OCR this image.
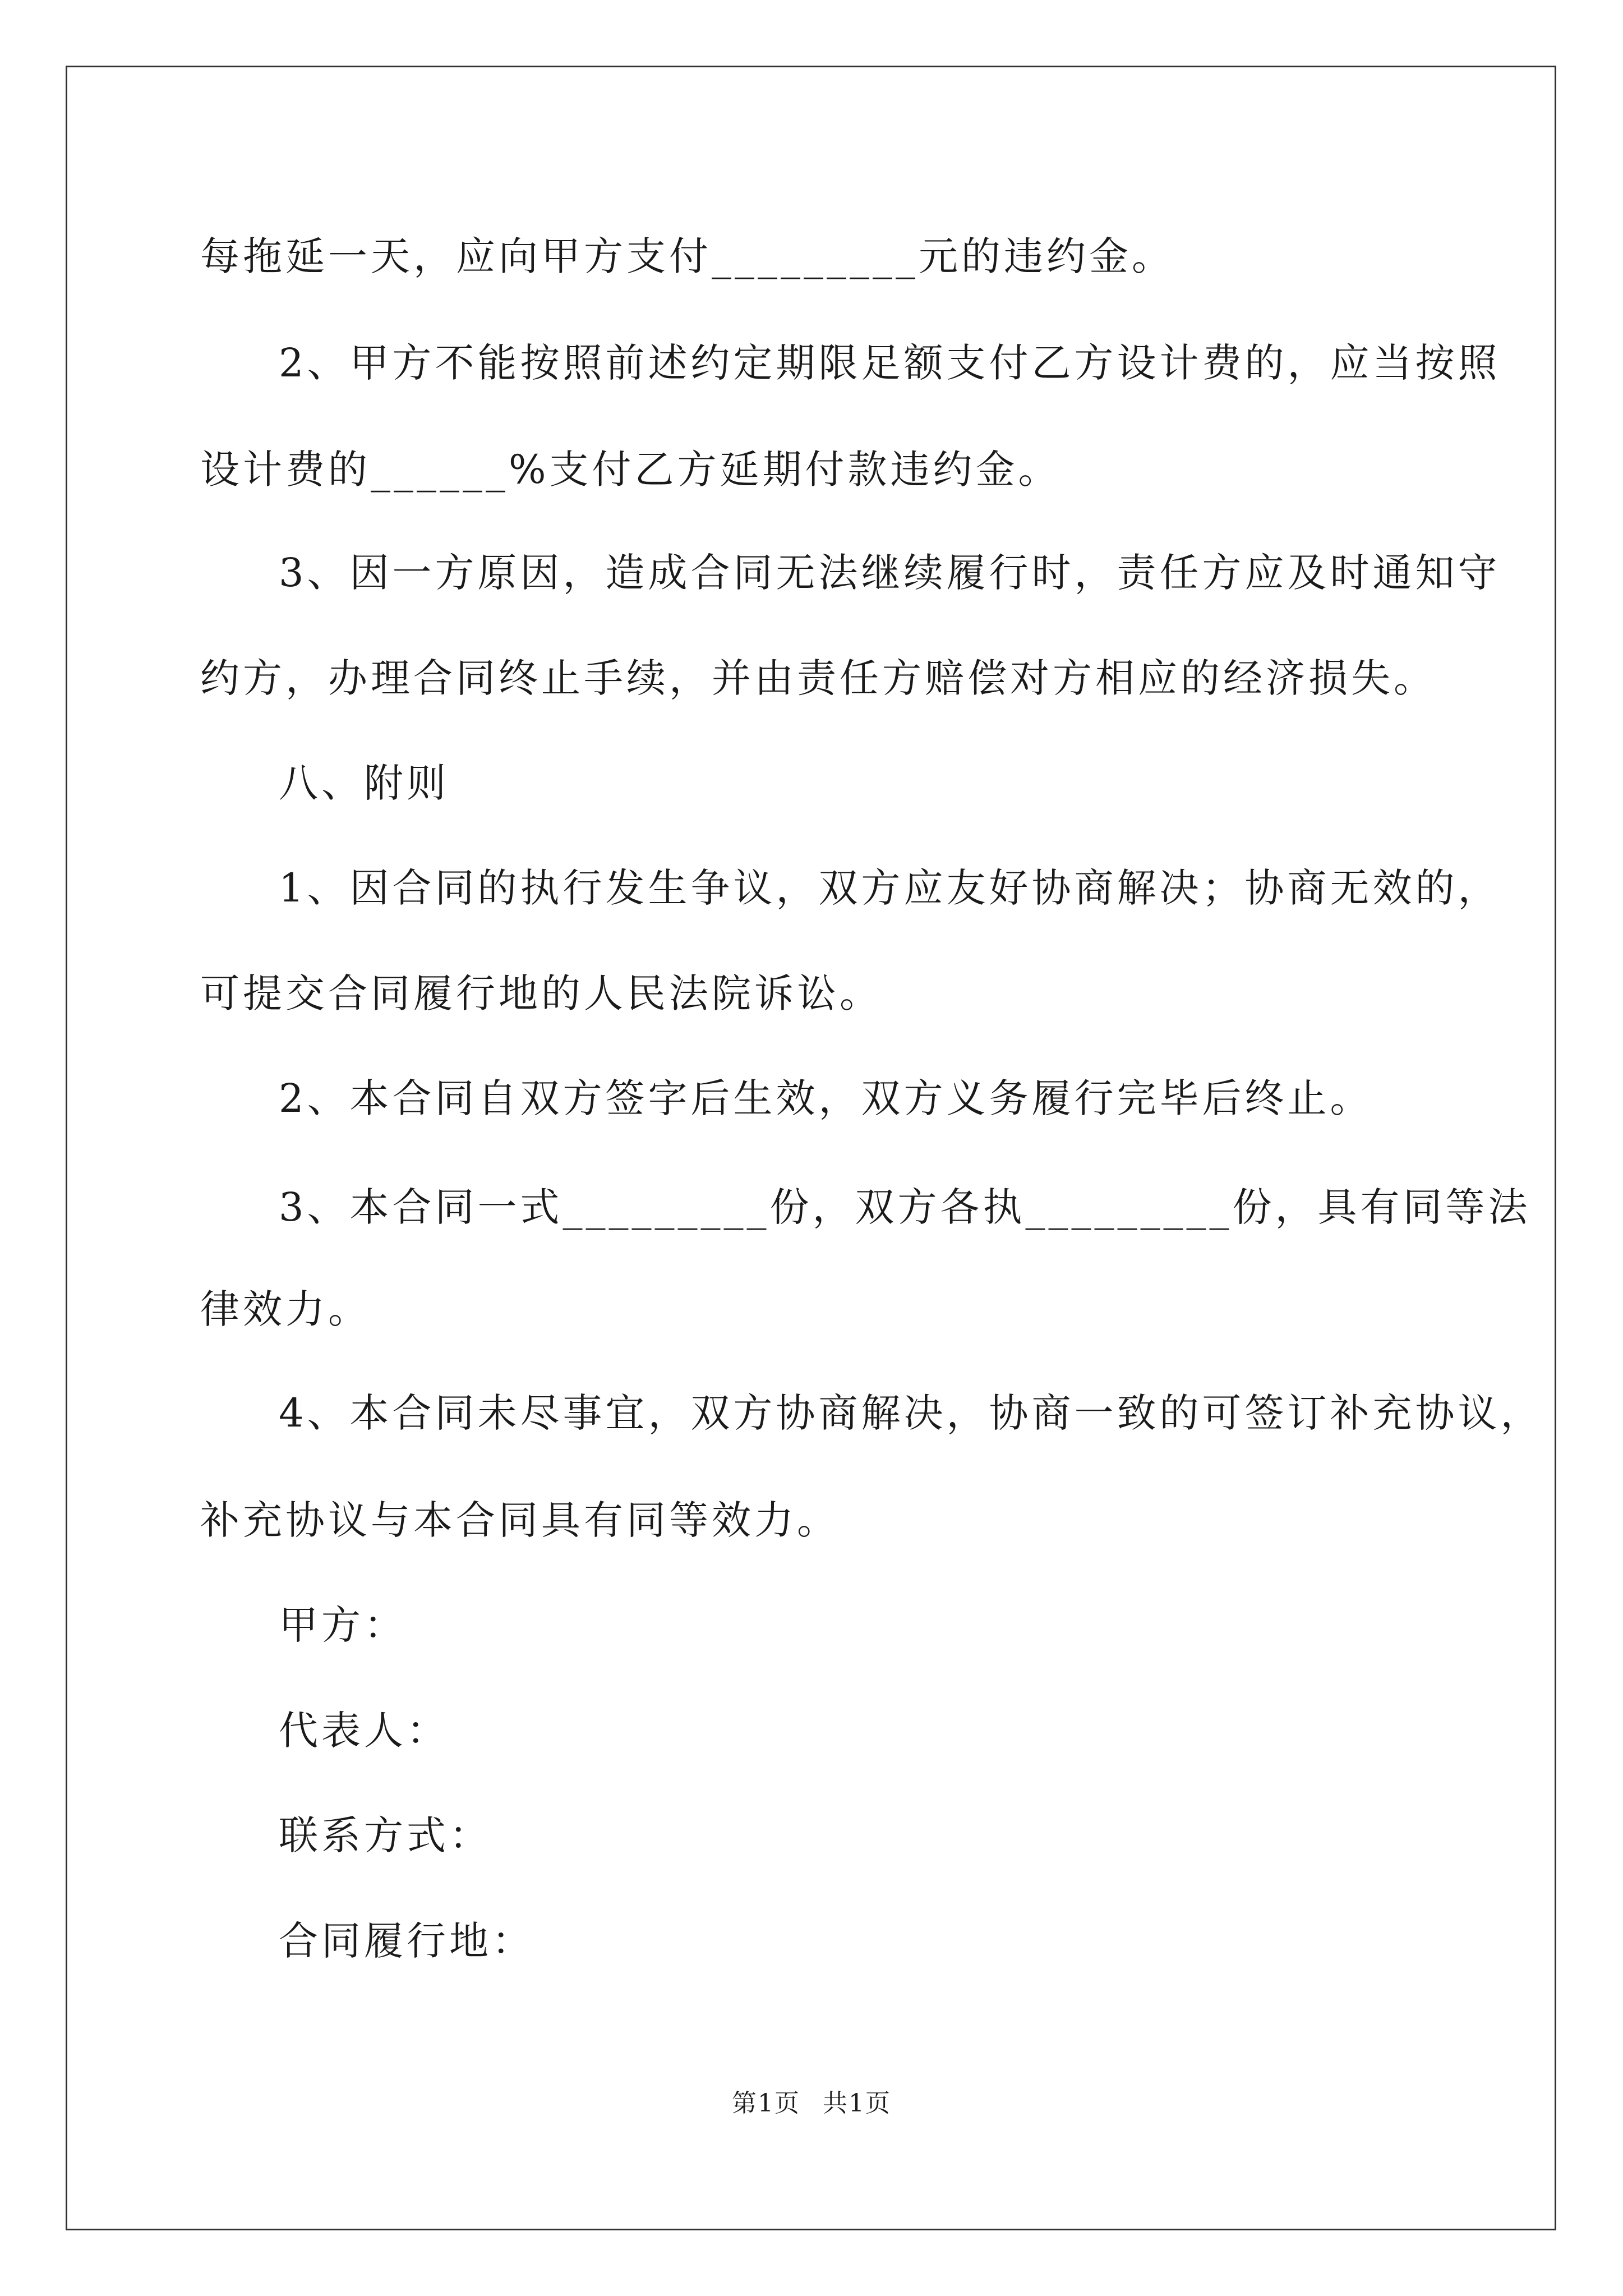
每拖延一天，应向甲方支付_________元的违约金。
2、甲方不能按照前述约定期限足额支付乙方设计费的，应当按照
设计费的______%支付乙方延期付款违约金。
3、因一方原因，造成合同无法继续履行时，责任方应及时通知守
约方，办理合同终止手续，并由责任方赔偿对方相应的经济损失。
八、附则
1、因合同的执行发生争议，双方应友好协商解决；协商无效的，
可提交合同履行地的人民法院诉讼。
2、本合同自双方签字后生效，双方义务履行完毕后终止。
3、本合同一式_________份，双方各执_________份，具有同等法
律效力。
4、本合同未尽事宜，双方协商解决，协商一致的可签订补充协议，
补充协议与本合同具有同等效力。
甲方：
代表人：
联系方式：
合同履行地：
第1页 共1页
